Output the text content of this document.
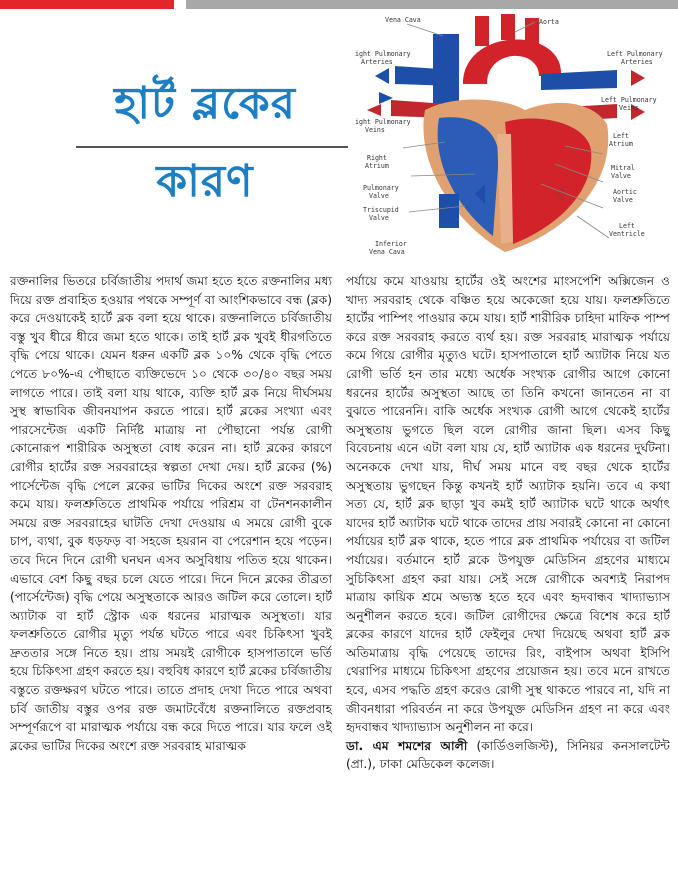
হার্ট ব্লকের
কারণ
Vena Cava	Aorta
ight Pulmonary
Arteries
Left Pulmonary
Arteries
Left Pulmonary
Veins
ight Pulmonary
Veins
Left
Atrium
Right
Atrium	Mitral
Valve
Pulmonary
Valve	Aortic
Valve
Triscupid
Valve
Left
Ventricle
Inferior
Vena Cava

রক্তনালির ভিতরে চর্বিজাতীয় পদার্থ জমা হতে হতে রক্তনালির মধ্য দিয়ে রক্ত প্রবাহিত হওয়ার পথকে সম্পূর্ণ বা আংশিকভাবে বন্ধ (ব্লক) করে দেওয়াকেই হার্টে ব্লক বলা হয়ে থাকে। রক্তনালিতে চর্বিজাতীয় বস্তু খুব ধীরে ধীরে জমা হতে থাকে। তাই হার্ট ব্লক খুবই ধীরগতিতে বৃদ্ধি পেয়ে থাকে। যেমন ধরুন একটি ব্লক ১০% থেকে বৃদ্ধি পেতে পেতে ৮০%-এ পৌছাতে ব্যক্তিভেদে ১০ থেকে ৩০/৪০ বছর সময় লাগতে পারে। তাই বলা যায় থাকে, ব্যক্তি হার্ট ব্লক নিয়ে দীর্ঘসময় সুস্থ স্বাভাবিক জীবনযাপন করতে পারে। হার্ট ব্লকের সংখ্যা এবং পারসেন্টেজ একটি নির্দিষ্ট মাত্রায় না পৌছানো পর্যন্ত রোগী কোনোরূপ শারীরিক অসুস্থতা বোধ করেন না। হার্ট ব্লকের কারণে রোগীর হার্টের রক্ত সরবরাহের স্বল্পতা দেখা দেয়। হার্ট ব্লকের (%) পার্সেন্টেজ বৃদ্ধি পেলে ব্লকের ভাটির দিকের অংশে রক্ত সরবরাহ কমে যায়। ফলশ্রুতিতে প্রাথমিক পর্যায়ে পরিশ্রম বা টেনশনকালীন সময়ে রক্ত সরবরাহের ঘাটতি দেখা দেওয়ায় এ সময়ে রোগী বুকে চাপ, ব্যথা, বুক ধড়ফড় বা সহজে হয়রান বা পেরেশান হয়ে পড়েন। তবে দিনে দিনে রোগী ঘনঘন এসব অসুবিধায় পতিত হয়ে থাকেন। এভাবে বেশ কিছু বছর চলে যেতে পারে। দিনে দিনে ব্লকের তীব্রতা (পার্সেন্টেজ) বৃদ্ধি পেয়ে অসুস্থতাকে আরও জটিল করে তোলে। হার্ট অ্যাটাক বা হার্ট স্ট্রোক এক ধরনের মারাত্মক অসুস্থতা। যার ফলশ্রুতিতে রোগীর মৃত্যু পর্যন্ত ঘটতে পারে এবং চিকিৎসা খুবই দ্রুততার সঙ্গে নিতে হয়। প্রায় সময়ই রোগীকে হাসপাতালে ভর্তি হয়ে চিকিৎসা গ্রহণ করতে হয়। বহুবিধ কারণে হার্ট ব্লকের চর্বিজাতীয় বস্তুতে রক্তক্ষরণ ঘটতে পারে। তাতে প্রদাহ দেখা দিতে পারে অথবা চর্বি জাতীয় বস্তুর ওপর রক্ত জমাটবেঁধে রক্তনালিতে রক্তপ্রবাহ সম্পূর্ণরূপে বা মারাত্মক পর্যায়ে বন্ধ করে দিতে পারে। যার ফলে ওই ব্লকের ভাটির দিকের অংশে রক্ত সরবরাহ মারাত্মক

পর্যায়ে কমে যাওয়ায় হার্টের ওই অংশের মাংসপেশি অক্সিজেন ও খাদ্য সরবরাহ থেকে বঞ্চিত হয়ে অকেজো হয়ে যায়। ফলশ্রুতিতে হার্টের পাম্পিং পাওয়ার কমে যায়। হার্ট শারীরিক চাহিদা মাফিক পাম্প করে রক্ত সরবরাহ করতে ব্যর্থ হয়। রক্ত সরবরাহ মারাত্মক পর্যায়ে কমে গিয়ে রোগীর মৃত্যুও ঘটে। হাসপাতালে হার্ট অ্যাটাক নিয়ে যত রোগী ভর্তি হন তার মধ্যে অর্ধেক সংখ্যক রোগীর আগে কোনো ধরনের হার্টের অসুস্থতা আছে তা তিনি কখনো জানতেন না বা বুঝতে পারেননি। বাকি অর্ধেক সংখ্যক রোগী আগে থেকেই হার্টের অসুস্থতায় ভুগতে ছিল বলে রোগীর জানা ছিল। এসব কিছু বিবেচনায় এনে এটা বলা যায় যে, হার্ট অ্যাটাক এক ধরনের দুর্ঘটনা। অনেককে দেখা যায়, দীর্ঘ সময় মানে বহু বছর থেকে হার্টের অসুস্থতায় ভুগছেন কিন্তু কখনই হার্ট অ্যাটাক হয়নি। তবে এ কথা সত্য যে, হার্ট ব্লক ছাড়া খুব কমই হার্ট অ্যাটাক ঘটে থাকে অর্থাৎ যাদের হার্ট অ্যাটাক ঘটে থাকে তাদের প্রায় সবারই কোনো না কোনো পর্যায়ের হার্ট ব্লক থাকে, হতে পারে ব্লক প্রাথমিক পর্যায়ের বা জটিল পর্যায়ের। বর্তমানে হার্ট ব্লকে উপযুক্ত মেডিসিন গ্রহণের মাধ্যমে সুচিকিৎসা গ্রহণ করা যায়। সেই সঙ্গে রোগীকে অবশ্যই নিরাপদ মাত্রায় কায়িক শ্রমে অভ্যস্ত হতে হবে এবং হৃদবান্ধব খাদ্যাভ্যাস অনুশীলন করতে হবে। জটিল রোগীদের ক্ষেত্রে বিশেষ করে হার্ট ব্লকের কারণে যাদের হার্ট ফেইলুর দেখা দিয়েছে অথবা হার্ট ব্লক অতিমাত্রায় বৃদ্ধি পেয়েছে তাদের রিং, বাইপাস অথবা ইসিপি থেরাপির মাধ্যমে চিকিৎসা গ্রহণের প্রয়োজন হয়। তবে মনে রাখতে হবে, এসব পদ্ধতি গ্রহণ করেও রোগী সুস্থ থাকতে পারবে না, যদি না জীবনধারা পরিবর্তন না করে উপযুক্ত মেডিসিন গ্রহণ না করে এবং হৃদবান্ধব খাদ্যাভ্যাস অনুশীলন না করে।

ডা. এম শমশের আলী (কার্ডিওলজিস্ট), সিনিয়র কনসালটেন্ট (প্রা.), ঢাকা মেডিকেল কলেজ।
